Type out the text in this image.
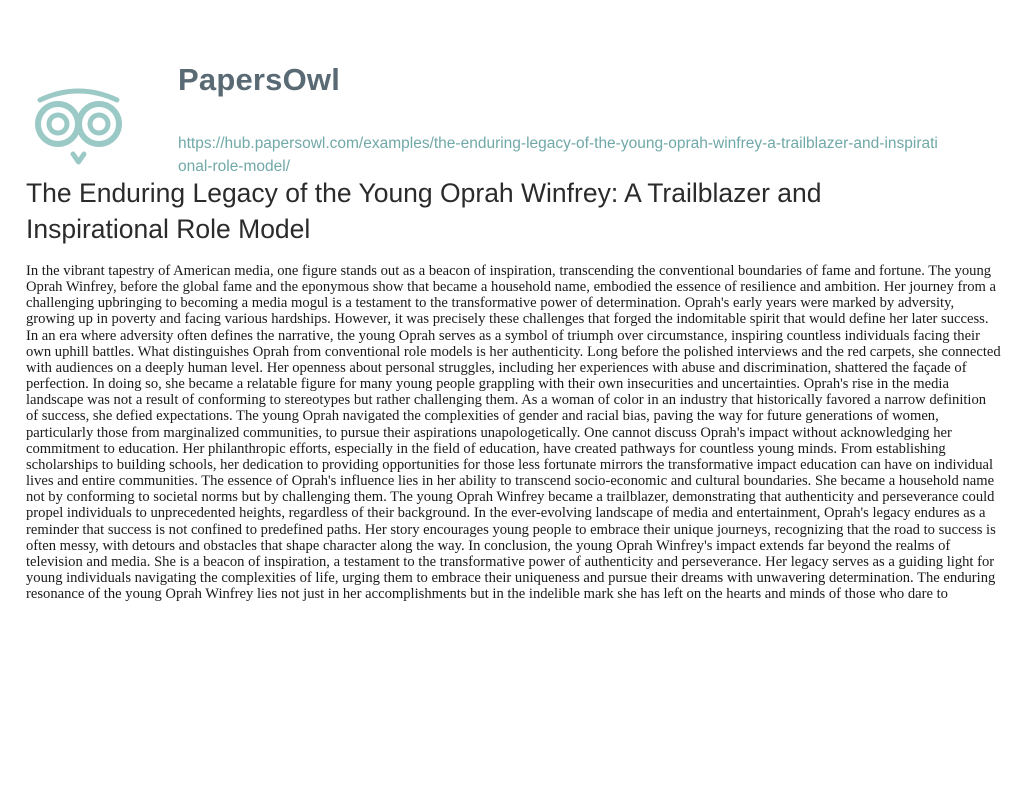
PapersOwl
https://hub.papersowl.com/examples/the-enduring-legacy-of-the-young-oprah-winfrey-a-trailblazer-and-inspirational-role-model/
The Enduring Legacy of the Young Oprah Winfrey: A Trailblazer and Inspirational Role Model

In the vibrant tapestry of American media, one figure stands out as a beacon of inspiration, transcending the conventional boundaries of fame and fortune. The young Oprah Winfrey, before the global fame and the eponymous show that became a household name, embodied the essence of resilience and ambition. Her journey from a challenging upbringing to becoming a media mogul is a testament to the transformative power of determination. Oprah's early years were marked by adversity, growing up in poverty and facing various hardships. However, it was precisely these challenges that forged the indomitable spirit that would define her later success. In an era where adversity often defines the narrative, the young Oprah serves as a symbol of triumph over circumstance, inspiring countless individuals facing their own uphill battles. What distinguishes Oprah from conventional role models is her authenticity. Long before the polished interviews and the red carpets, she connected with audiences on a deeply human level. Her openness about personal struggles, including her experiences with abuse and discrimination, shattered the façade of perfection. In doing so, she became a relatable figure for many young people grappling with their own insecurities and uncertainties. Oprah's rise in the media landscape was not a result of conforming to stereotypes but rather challenging them. As a woman of color in an industry that historically favored a narrow definition of success, she defied expectations. The young Oprah navigated the complexities of gender and racial bias, paving the way for future generations of women, particularly those from marginalized communities, to pursue their aspirations unapologetically. One cannot discuss Oprah's impact without acknowledging her commitment to education. Her philanthropic efforts, especially in the field of education, have created pathways for countless young minds. From establishing scholarships to building schools, her dedication to providing opportunities for those less fortunate mirrors the transformative impact education can have on individual lives and entire communities. The essence of Oprah's influence lies in her ability to transcend socio-economic and cultural boundaries. She became a household name not by conforming to societal norms but by challenging them. The young Oprah Winfrey became a trailblazer, demonstrating that authenticity and perseverance could propel individuals to unprecedented heights, regardless of their background. In the ever-evolving landscape of media and entertainment, Oprah's legacy endures as a reminder that success is not confined to predefined paths. Her story encourages young people to embrace their unique journeys, recognizing that the road to success is often messy, with detours and obstacles that shape character along the way. In conclusion, the young Oprah Winfrey's impact extends far beyond the realms of television and media. She is a beacon of inspiration, a testament to the transformative power of authenticity and perseverance. Her legacy serves as a guiding light for young individuals navigating the complexities of life, urging them to embrace their uniqueness and pursue their dreams with unwavering determination. The enduring resonance of the young Oprah Winfrey lies not just in her accomplishments but in the indelible mark she has left on the hearts and minds of those who dare to
